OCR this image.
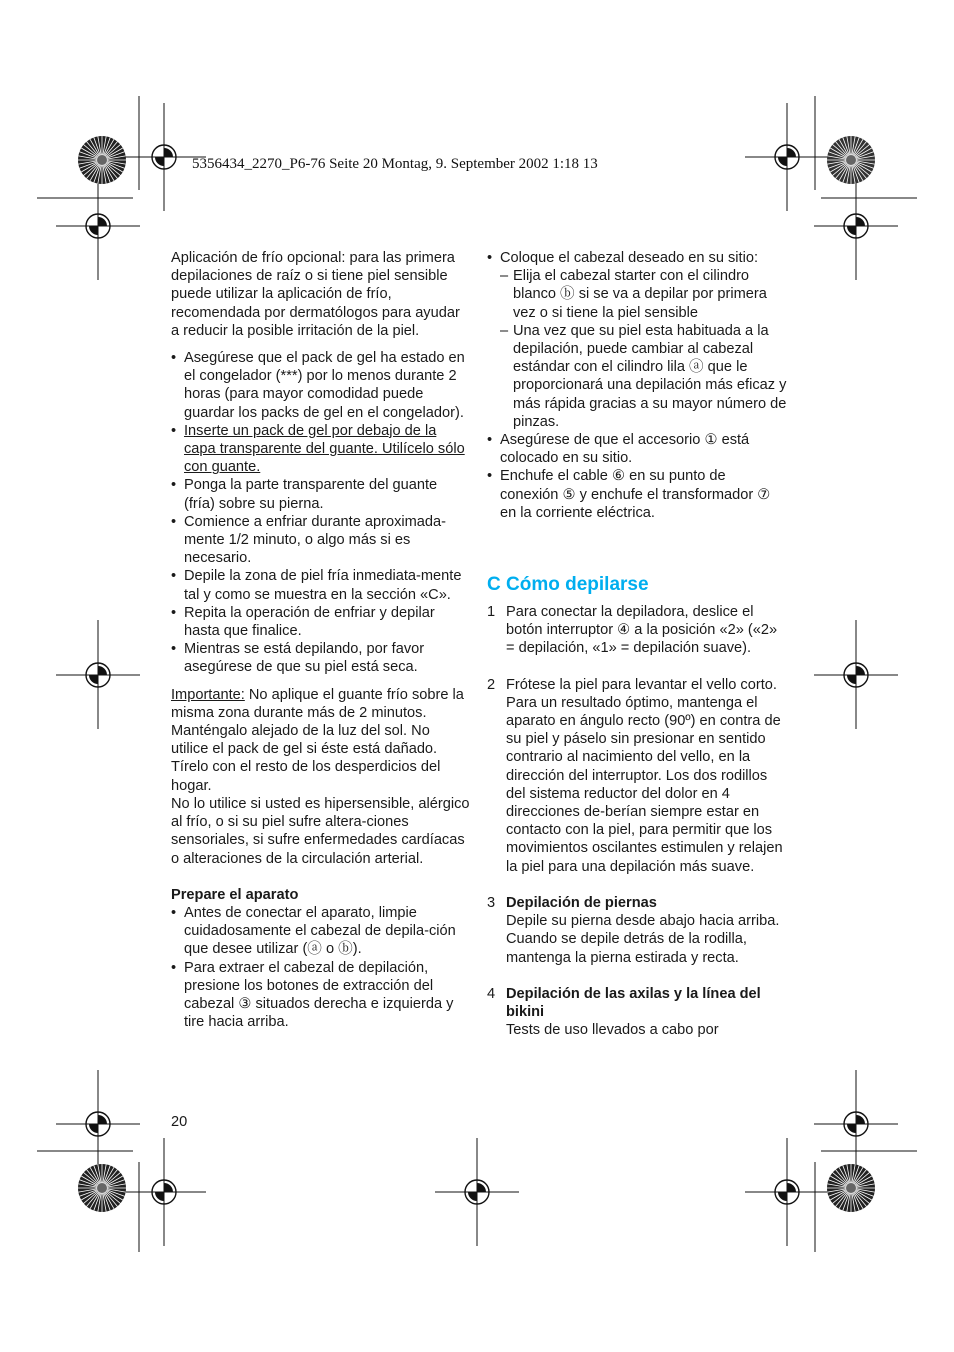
5356434_2270_P6-76 Seite 20 Montag, 9. September 2002 1:18 13

Aplicación de frío opcional: para las primera depilaciones de raíz o si tiene piel sensible puede utilizar la aplicación de frío, recomendada por dermatólogos para ayudar a reducir la posible irritación de la piel.

• Asegúrese que el pack de gel ha estado en el congelador (***) por lo menos durante 2 horas (para mayor comodidad puede guardar los packs de gel en el congelador).
• Inserte un pack de gel por debajo de la capa transparente del guante. Utilícelo sólo con guante.
• Ponga la parte transparente del guante (fría) sobre su pierna.
• Comience a enfriar durante aproximada-mente 1/2 minuto, o algo más si es necesario.
• Depile la zona de piel fría inmediata-mente tal y como se muestra en la sección «C».
• Repita la operación de enfriar y depilar hasta que finalice.
• Mientras se está depilando, por favor asegúrese de que su piel está seca.

Importante: No aplique el guante frío sobre la misma zona durante más de 2 minutos. Manténgalo alejado de la luz del sol. No utilice el pack de gel si éste está dañado. Tírelo con el resto de los desperdicios del hogar.

No lo utilice si usted es hipersensible, alérgico al frío, o si su piel sufre altera-ciones sensoriales, si sufre enfermedades cardíacas o alteraciones de la circulación arterial.

Prepare el aparato

• Antes de conectar el aparato, limpie cuidadosamente el cabezal de depila-ción que desee utilizar (ⓐ o ⓑ).
• Para extraer el cabezal de depilación, presione los botones de extracción del cabezal ③ situados derecha e izquierda y tire hacia arriba.
• Coloque el cabezal deseado en su sitio:
– Elija el cabezal starter con el cilindro blanco ⓑ si se va a depilar por primera vez o si tiene la piel sensible
– Una vez que su piel esta habituada a la depilación, puede cambiar al cabezal estándar con el cilindro lila ⓐ que le proporcionará una depilación más eficaz y más rápida gracias a su mayor número de pinzas.
• Asegúrese de que el accesorio ① está colocado en su sitio.
• Enchufe el cable ⑥ en su punto de conexión ⑤ y enchufe el transformador ⑦ en la corriente eléctrica.
C Cómo depilarse
1 Para conectar la depiladora, deslice el botón interruptor ④ a la posición «2» («2» = depilación, «1» = depilación suave).
2 Frótese la piel para levantar el vello corto. Para un resultado óptimo, mantenga el aparato en ángulo recto (90º) en contra de su piel y páselo sin presionar en sentido contrario al nacimiento del vello, en la dirección del interruptor. Los dos rodillos del sistema reductor del dolor en 4 direcciones de-berían siempre estar en contacto con la piel, para permitir que los movimientos oscilantes estimulen y relajen la piel para una depilación más suave.
3 Depilación de piernas
Depile su pierna desde abajo hacia arriba. Cuando se depile detrás de la rodilla, mantenga la pierna estirada y recta.
4 Depilación de las axilas y la línea del bikini
Tests de uso llevados a cabo por
20
